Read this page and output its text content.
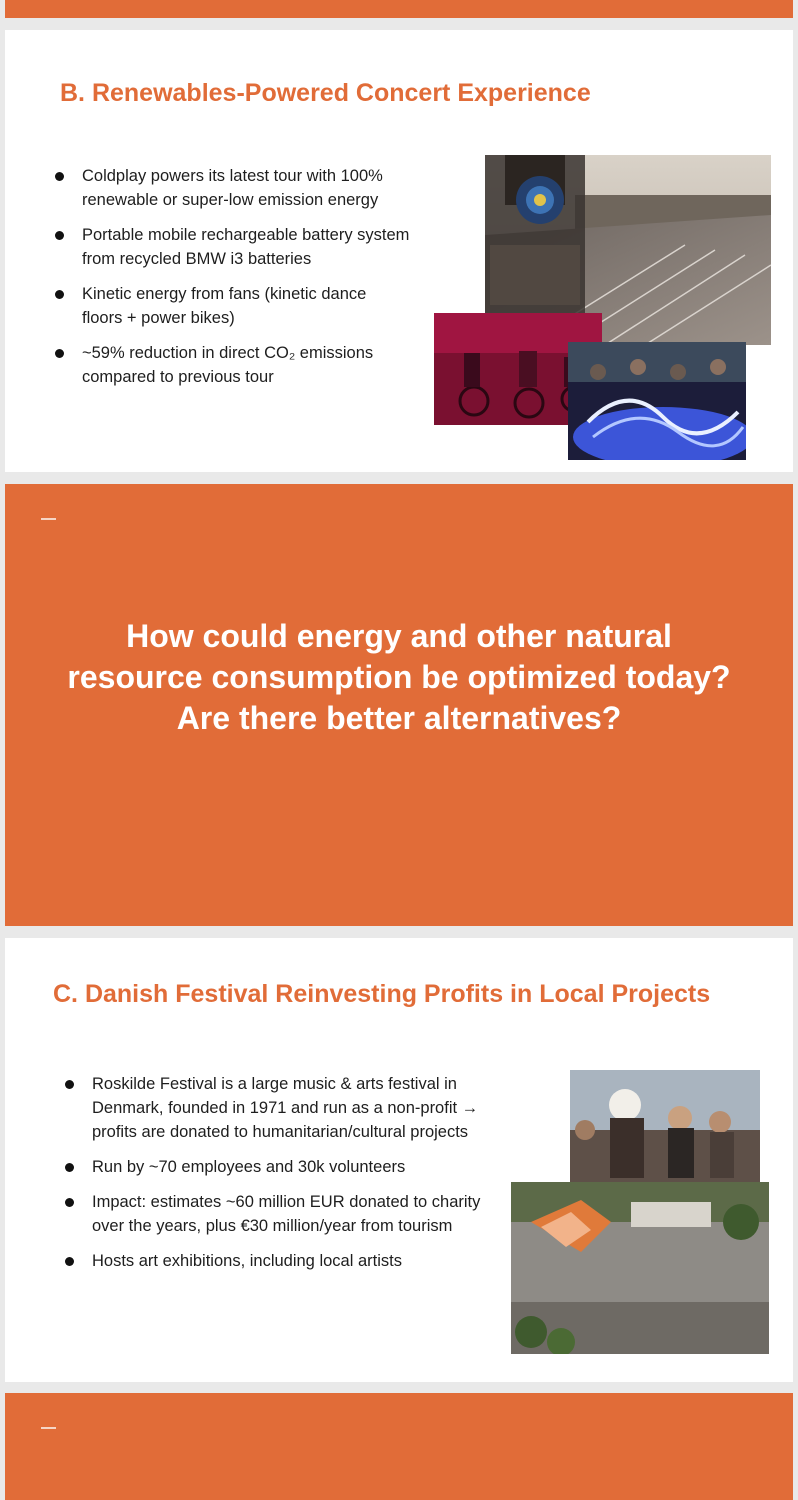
B. Renewables-Powered Concert Experience
Coldplay powers its latest tour with 100% renewable or super-low emission energy
Portable mobile rechargeable battery system from recycled BMW i3 batteries
Kinetic energy from fans (kinetic dance floors + power bikes)
~59% reduction in direct CO₂ emissions compared to previous tour
How could energy and other natural resource consumption be optimized today? Are there better alternatives?
C. Danish Festival Reinvesting Profits in Local Projects
Roskilde Festival is a large music & arts festival in Denmark, founded in 1971 and run as a non-profit → profits are donated to humanitarian/cultural projects
Run by ~70 employees and 30k volunteers
Impact: estimates ~60 million EUR donated to charity over the years, plus €30 million/year from tourism
Hosts art exhibitions, including local artists
